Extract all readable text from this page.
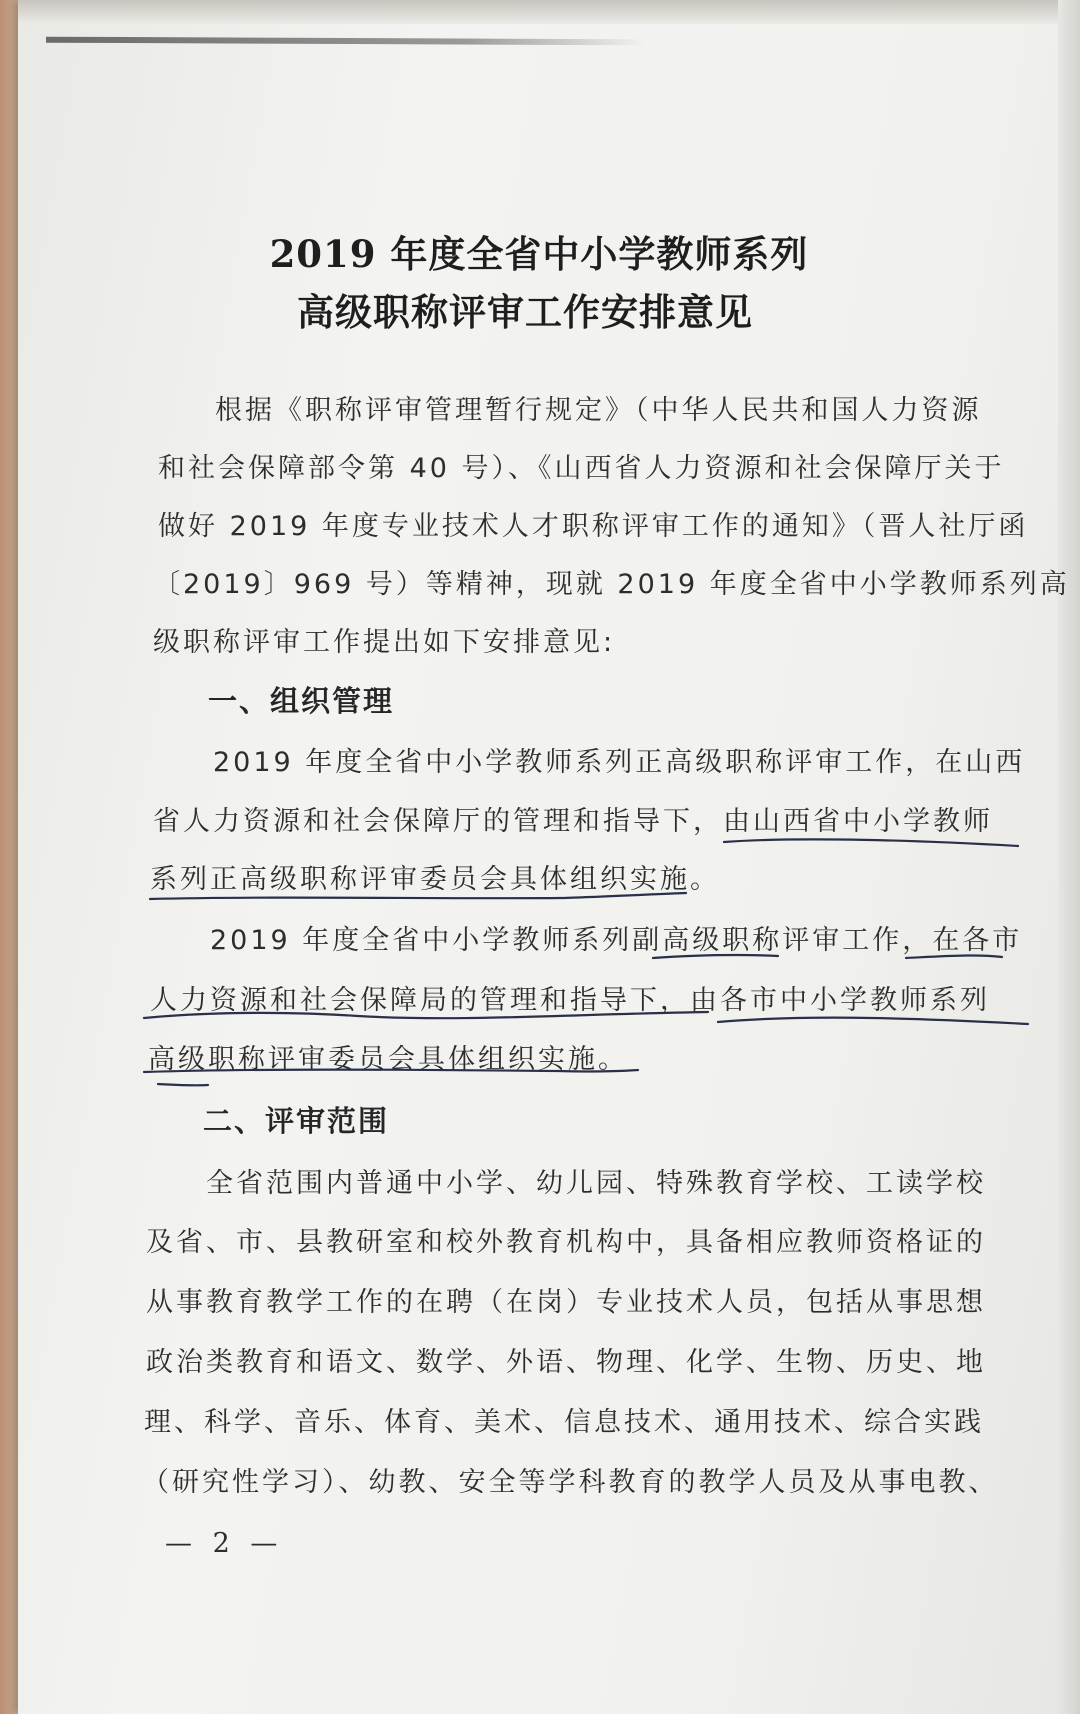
2019 年度全省中小学教师系列
高级职称评审工作安排意见
根据《职称评审管理暂行规定》（中华人民共和国人力资源
和社会保障部令第 40 号）、《山西省人力资源和社会保障厅关于
做好 2019 年度专业技术人才职称评审工作的通知》（晋人社厅函
〔2019〕969 号）等精神，现就 2019 年度全省中小学教师系列高
级职称评审工作提出如下安排意见:
一、组织管理
2019 年度全省中小学教师系列正高级职称评审工作，在山西
省人力资源和社会保障厅的管理和指导下，由山西省中小学教师
系列正高级职称评审委员会具体组织实施。
2019 年度全省中小学教师系列副高级职称评审工作，在各市
人力资源和社会保障局的管理和指导下，由各市中小学教师系列
高级职称评审委员会具体组织实施。
二、评审范围
全省范围内普通中小学、幼儿园、特殊教育学校、工读学校
及省、市、县教研室和校外教育机构中，具备相应教师资格证的
从事教育教学工作的在聘（在岗）专业技术人员，包括从事思想
政治类教育和语文、数学、外语、物理、化学、生物、历史、地
理、科学、音乐、体育、美术、信息技术、通用技术、综合实践
（研究性学习）、幼教、安全等学科教育的教学人员及从事电教、
— 2 —
